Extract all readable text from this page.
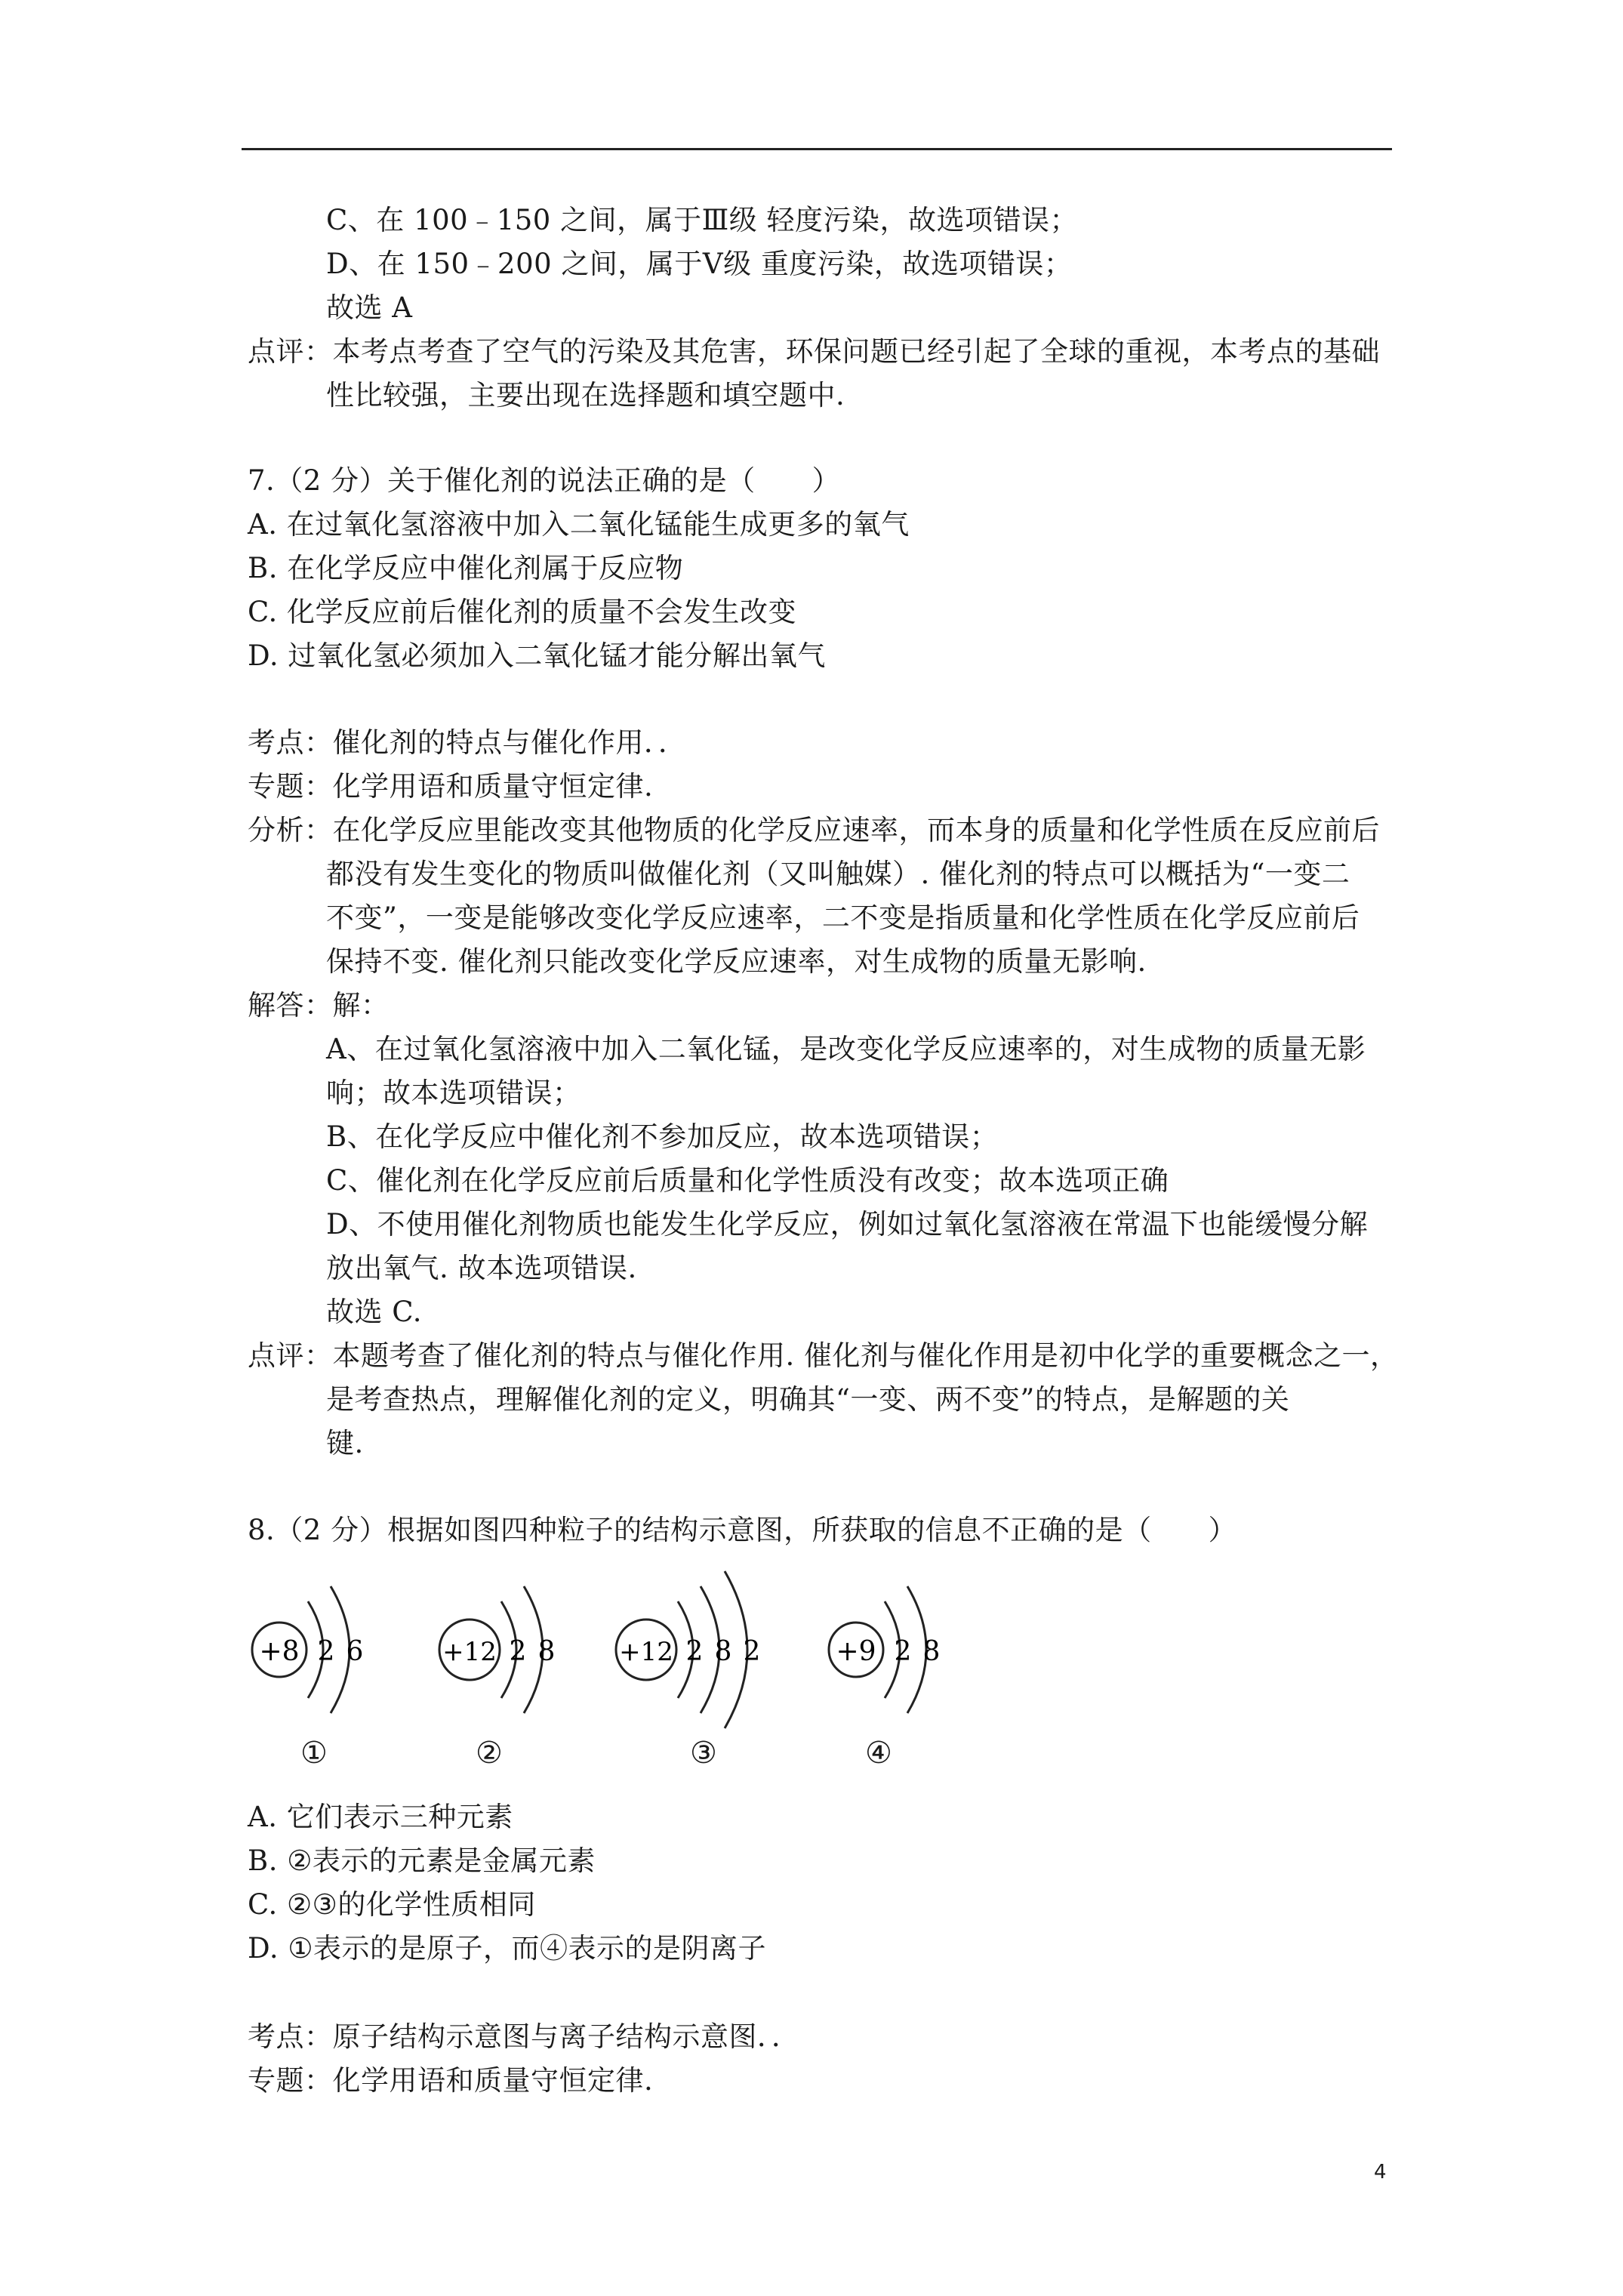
C、在 100﹣150 之间，属于Ⅲ级 轻度污染，故选项错误；
D、在 150﹣200 之间，属于Ⅴ级 重度污染，故选项错误；
故选 A
点评：本考点考查了空气的污染及其危害，环保问题已经引起了全球的重视，本考点的基础
性比较强，主要出现在选择题和填空题中.
7.（2 分）关于催化剂的说法正确的是（　　）
A. 在过氧化氢溶液中加入二氧化锰能生成更多的氧气
B. 在化学反应中催化剂属于反应物
C. 化学反应前后催化剂的质量不会发生改变
D. 过氧化氢必须加入二氧化锰才能分解出氧气
考点：催化剂的特点与催化作用．．
专题：化学用语和质量守恒定律.
分析：在化学反应里能改变其他物质的化学反应速率，而本身的质量和化学性质在反应前后
都没有发生变化的物质叫做催化剂（又叫触媒）. 催化剂的特点可以概括为“一变二
不变”，一变是能够改变化学反应速率，二不变是指质量和化学性质在化学反应前后
保持不变. 催化剂只能改变化学反应速率，对生成物的质量无影响.
解答：解：
A、在过氧化氢溶液中加入二氧化锰，是改变化学反应速率的，对生成物的质量无影
响；故本选项错误；
B、在化学反应中催化剂不参加反应，故本选项错误；
C、催化剂在化学反应前后质量和化学性质没有改变；故本选项正确
D、不使用催化剂物质也能发生化学反应，例如过氧化氢溶液在常温下也能缓慢分解
放出氧气. 故本选项错误.
故选 C.
点评：本题考查了催化剂的特点与催化作用. 催化剂与催化作用是初中化学的重要概念之一，
是考查热点，理解催化剂的定义，明确其“一变、两不变”的特点，是解题的关
键.
8.（2 分）根据如图四种粒子的结构示意图，所获取的信息不正确的是（　　）
+8 2 6	+12 2 8 +12 2 8 2	+9 2 8
①	②	③	④
A. 它们表示三种元素
B. ②表示的元素是金属元素
C. ②③的化学性质相同
D. ①表示的是原子，而④表示的是阴离子
考点：原子结构示意图与离子结构示意图．．
专题：化学用语和质量守恒定律.
4
